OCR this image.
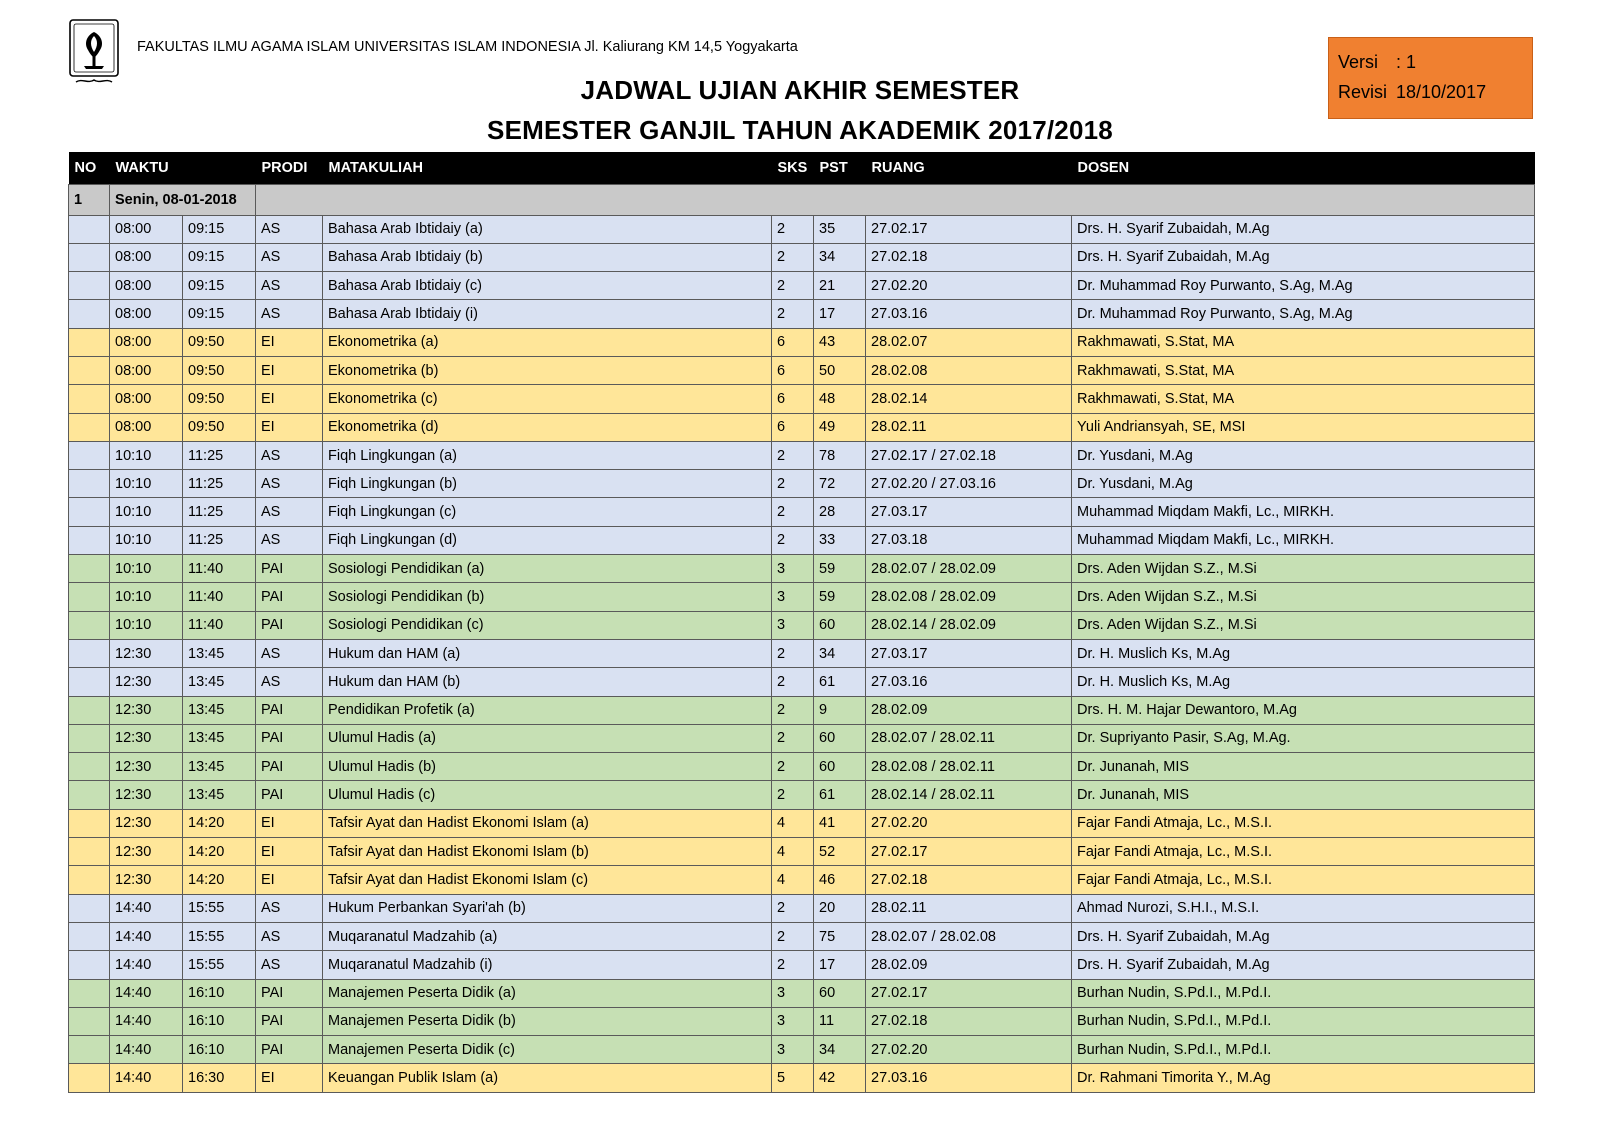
FAKULTAS ILMU AGAMA ISLAM UNIVERSITAS ISLAM INDONESIA Jl. Kaliurang KM 14,5 Yogyakarta
JADWAL UJIAN AKHIR SEMESTER
SEMESTER GANJIL TAHUN AKADEMIK 2017/2018
Versi : 1
Revisi 18/10/2017
NO	WAKTU		PRODI	MATAKULIAH	SKS	PST	RUANG	DOSEN
1	Senin, 08-01-2018							
	08:00	09:15	AS	Bahasa Arab Ibtidaiy (a)	2	35	27.02.17	Drs. H. Syarif Zubaidah, M.Ag
	08:00	09:15	AS	Bahasa Arab Ibtidaiy (b)	2	34	27.02.18	Drs. H. Syarif Zubaidah, M.Ag
	08:00	09:15	AS	Bahasa Arab Ibtidaiy (c)	2	21	27.02.20	Dr. Muhammad Roy Purwanto, S.Ag, M.Ag
	08:00	09:15	AS	Bahasa Arab Ibtidaiy (i)	2	17	27.03.16	Dr. Muhammad Roy Purwanto, S.Ag, M.Ag
	08:00	09:50	EI	Ekonometrika (a)	6	43	28.02.07	Rakhmawati, S.Stat, MA
	08:00	09:50	EI	Ekonometrika (b)	6	50	28.02.08	Rakhmawati, S.Stat, MA
	08:00	09:50	EI	Ekonometrika (c)	6	48	28.02.14	Rakhmawati, S.Stat, MA
	08:00	09:50	EI	Ekonometrika (d)	6	49	28.02.11	Yuli Andriansyah, SE, MSI
	10:10	11:25	AS	Fiqh Lingkungan (a)	2	78	27.02.17 / 27.02.18	Dr. Yusdani, M.Ag
	10:10	11:25	AS	Fiqh Lingkungan (b)	2	72	27.02.20 / 27.03.16	Dr. Yusdani, M.Ag
	10:10	11:25	AS	Fiqh Lingkungan (c)	2	28	27.03.17	Muhammad Miqdam Makfi, Lc., MIRKH.
	10:10	11:25	AS	Fiqh Lingkungan (d)	2	33	27.03.18	Muhammad Miqdam Makfi, Lc., MIRKH.
	10:10	11:40	PAI	Sosiologi Pendidikan (a)	3	59	28.02.07 / 28.02.09	Drs. Aden Wijdan S.Z., M.Si
	10:10	11:40	PAI	Sosiologi Pendidikan (b)	3	59	28.02.08 / 28.02.09	Drs. Aden Wijdan S.Z., M.Si
	10:10	11:40	PAI	Sosiologi Pendidikan (c)	3	60	28.02.14 / 28.02.09	Drs. Aden Wijdan S.Z., M.Si
	12:30	13:45	AS	Hukum dan HAM (a)	2	34	27.03.17	Dr. H. Muslich Ks, M.Ag
	12:30	13:45	AS	Hukum dan HAM (b)	2	61	27.03.16	Dr. H. Muslich Ks, M.Ag
	12:30	13:45	PAI	Pendidikan Profetik (a)	2	9	28.02.09	Drs. H. M. Hajar Dewantoro, M.Ag
	12:30	13:45	PAI	Ulumul Hadis (a)	2	60	28.02.07 / 28.02.11	Dr. Supriyanto Pasir, S.Ag, M.Ag.
	12:30	13:45	PAI	Ulumul Hadis (b)	2	60	28.02.08 / 28.02.11	Dr. Junanah, MIS
	12:30	13:45	PAI	Ulumul Hadis (c)	2	61	28.02.14 / 28.02.11	Dr. Junanah, MIS
	12:30	14:20	EI	Tafsir Ayat dan Hadist Ekonomi Islam (a)	4	41	27.02.20	Fajar Fandi Atmaja, Lc., M.S.I.
	12:30	14:20	EI	Tafsir Ayat dan Hadist Ekonomi Islam (b)	4	52	27.02.17	Fajar Fandi Atmaja, Lc., M.S.I.
	12:30	14:20	EI	Tafsir Ayat dan Hadist Ekonomi Islam (c)	4	46	27.02.18	Fajar Fandi Atmaja, Lc., M.S.I.
	14:40	15:55	AS	Hukum Perbankan Syari'ah (b)	2	20	28.02.11	Ahmad Nurozi, S.H.I., M.S.I.
	14:40	15:55	AS	Muqaranatul Madzahib (a)	2	75	28.02.07 / 28.02.08	Drs. H. Syarif Zubaidah, M.Ag
	14:40	15:55	AS	Muqaranatul Madzahib (i)	2	17	28.02.09	Drs. H. Syarif Zubaidah, M.Ag
	14:40	16:10	PAI	Manajemen Peserta Didik (a)	3	60	27.02.17	Burhan Nudin, S.Pd.I., M.Pd.I.
	14:40	16:10	PAI	Manajemen Peserta Didik (b)	3	11	27.02.18	Burhan Nudin, S.Pd.I., M.Pd.I.
	14:40	16:10	PAI	Manajemen Peserta Didik (c)	3	34	27.02.20	Burhan Nudin, S.Pd.I., M.Pd.I.
	14:40	16:30	EI	Keuangan Publik Islam (a)	5	42	27.03.16	Dr. Rahmani Timorita Y., M.Ag
